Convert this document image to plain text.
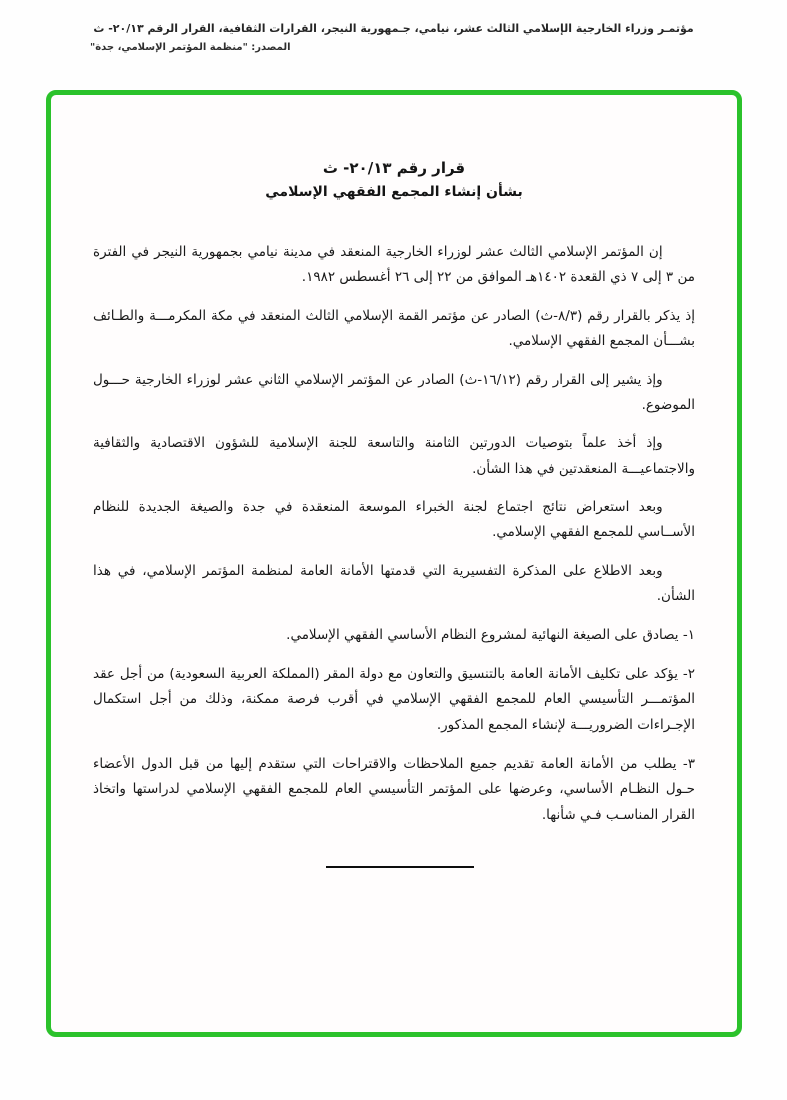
مؤتمـر وزراء الخارجية الإسلامي الثالث عشر، نيامي، جـمهورية النيجر، القرارات الثقافية، القرار الرقم ٢٠/١٣- ث
المصدر: "منظمة المؤتمر الإسلامي، جدة"
قرار رقم ٢٠/١٣- ث
بشأن إنشاء المجمع الفقهي الإسلامي

إن المؤتمر الإسلامي الثالث عشر لوزراء الخارجية المنعقد في مدينة نيامي بجمهورية النيجر في الفترة من ٣ إلى ٧ ذي القعدة ١٤٠٢هـ الموافق من ٢٢ إلى ٢٦ أغسطس ١٩٨٢.

إذ يذكر بالقرار رقم (٨/٣-ث) الصادر عن مؤتمر القمة الإسلامي الثالث المنعقد في مكة المكرمـــة والطـائف بشـــأن المجمع الفقهي الإسلامي.

وإذ يشير إلى القرار رقم (١٦/١٢-ث) الصادر عن المؤتمر الإسلامي الثاني عشر لوزراء الخارجية حـــول الموضوع.

وإذ أخذ علماً بتوصيات الدورتين الثامنة والتاسعة للجنة الإسلامية للشؤون الاقتصادية والثقافية والاجتماعيـــة المنعقدتين في هذا الشأن.

وبعد استعراض نتائج اجتماع لجنة الخبراء الموسعة المنعقدة في جدة والصيغة الجديدة للنظام الأســاسي للمجمع الفقهي الإسلامي.

وبعد الاطلاع على المذكرة التفسيرية التي قدمتها الأمانة العامة لمنظمة المؤتمر الإسلامي، في هذا الشأن.

١- يصادق على الصيغة النهائية لمشروع النظام الأساسي الفقهي الإسلامي.

٢- يؤكد على تكليف الأمانة العامة بالتنسيق والتعاون مع دولة المقر (المملكة العربية السعودية) من أجل عقد المؤتمـــر التأسيسي العام للمجمع الفقهي الإسلامي في أقرب فرصة ممكنة، وذلك من أجل استكمال الإجـراءات الضروريـــة لإنشاء المجمع المذكور.

٣- يطلب من الأمانة العامة تقديم جميع الملاحظات والاقتراحات التي ستقدم إليها من قبل الدول الأعضاء حـول النظـام الأساسي، وعرضها على المؤتمر التأسيسي العام للمجمع الفقهي الإسلامي لدراستها واتخاذ القرار المناسـب فـي شأنها.
